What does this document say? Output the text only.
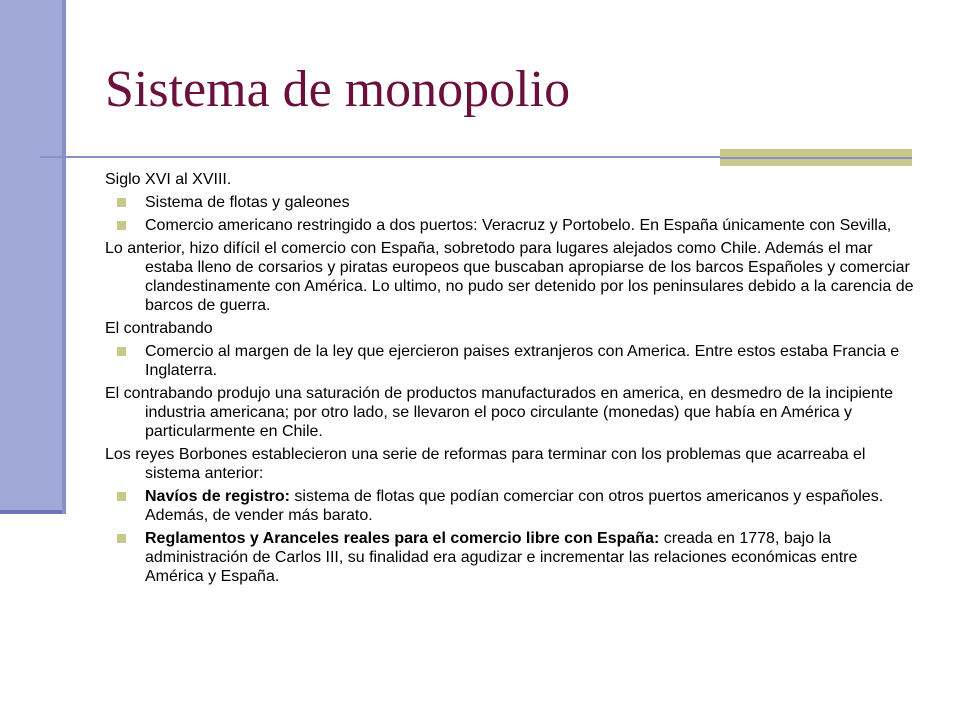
Sistema de monopolio

Siglo XVI al XVIII.

Sistema de flotas y galeones
Comercio americano restringido a dos puertos: Veracruz y Portobelo. En España únicamente con Sevilla,

Lo anterior, hizo difícil el comercio con España, sobretodo para lugares alejados como Chile. Además el mar estaba lleno de corsarios y piratas europeos que buscaban apropiarse de los barcos Españoles y comerciar clandestinamente con América. Lo ultimo, no pudo ser detenido por los peninsulares debido a la carencia de barcos de guerra.

El contrabando

Comercio al margen de la ley que ejercieron paises extranjeros con America. Entre estos estaba Francia e Inglaterra.

El contrabando produjo una saturación de productos manufacturados en america, en desmedro de la incipiente industria americana; por otro lado, se llevaron el poco circulante (monedas) que había en América y particularmente en Chile.

Los reyes Borbones establecieron una serie de reformas para terminar con los problemas que acarreaba el sistema anterior:

Navíos de registro: sistema de flotas que podían comerciar con otros puertos americanos y españoles. Además, de vender más barato.
Reglamentos y Aranceles reales para el comercio libre con España: creada en 1778, bajo la administración de Carlos III, su finalidad era agudizar e incrementar las relaciones económicas entre América y España.
